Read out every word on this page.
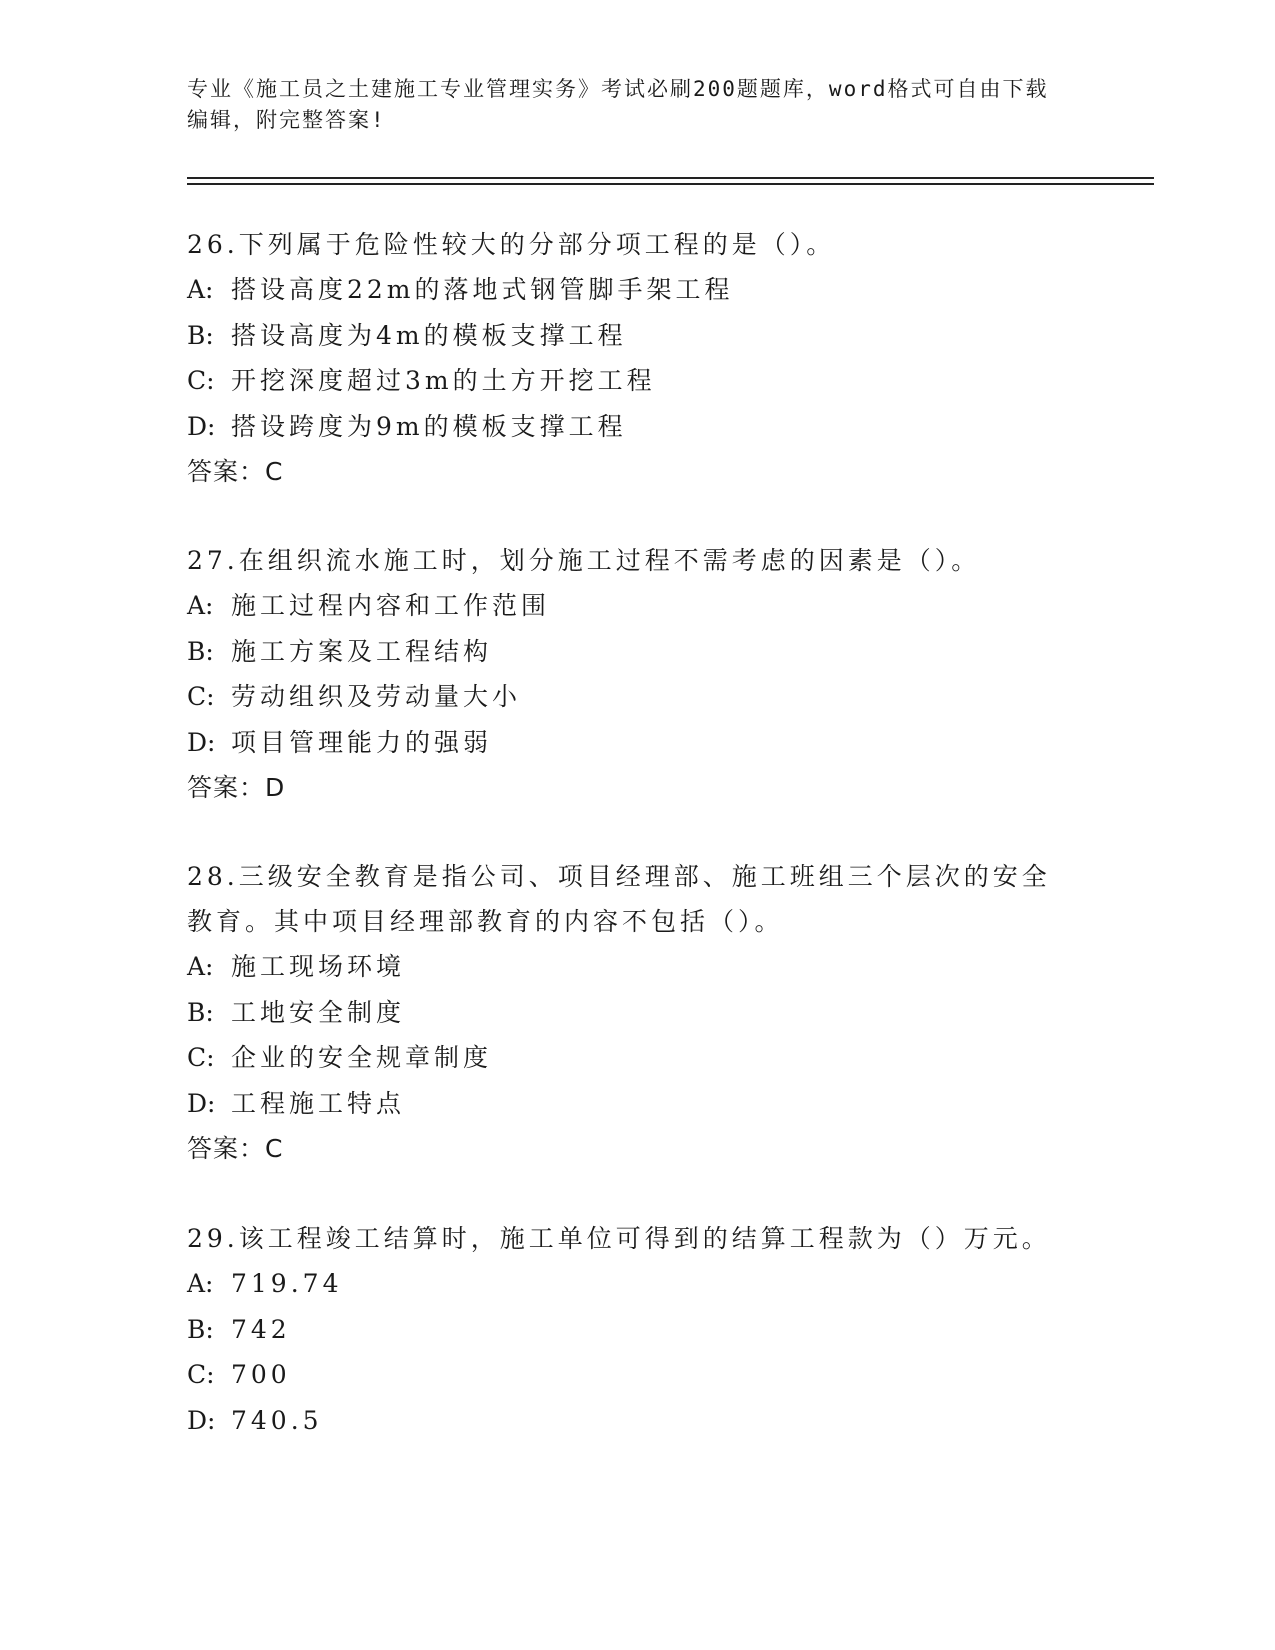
专业《施工员之土建施工专业管理实务》考试必刷200题题库，word格式可自由下载编辑，附完整答案!

26.下列属于危险性较大的分部分项工程的是（）。

A: 搭设高度22m的落地式钢管脚手架工程

B: 搭设高度为4m的模板支撑工程

C: 开挖深度超过3m的土方开挖工程

D: 搭设跨度为9m的模板支撑工程

答案：C

27.在组织流水施工时，划分施工过程不需考虑的因素是（）。

A: 施工过程内容和工作范围

B: 施工方案及工程结构

C: 劳动组织及劳动量大小

D: 项目管理能力的强弱

答案：D

28.三级安全教育是指公司、项目经理部、施工班组三个层次的安全教育。其中项目经理部教育的内容不包括（）。

A: 施工现场环境

B: 工地安全制度

C: 企业的安全规章制度

D: 工程施工特点

答案：C

29.该工程竣工结算时，施工单位可得到的结算工程款为（）万元。

A: 719.74

B: 742

C: 700

D: 740.5
